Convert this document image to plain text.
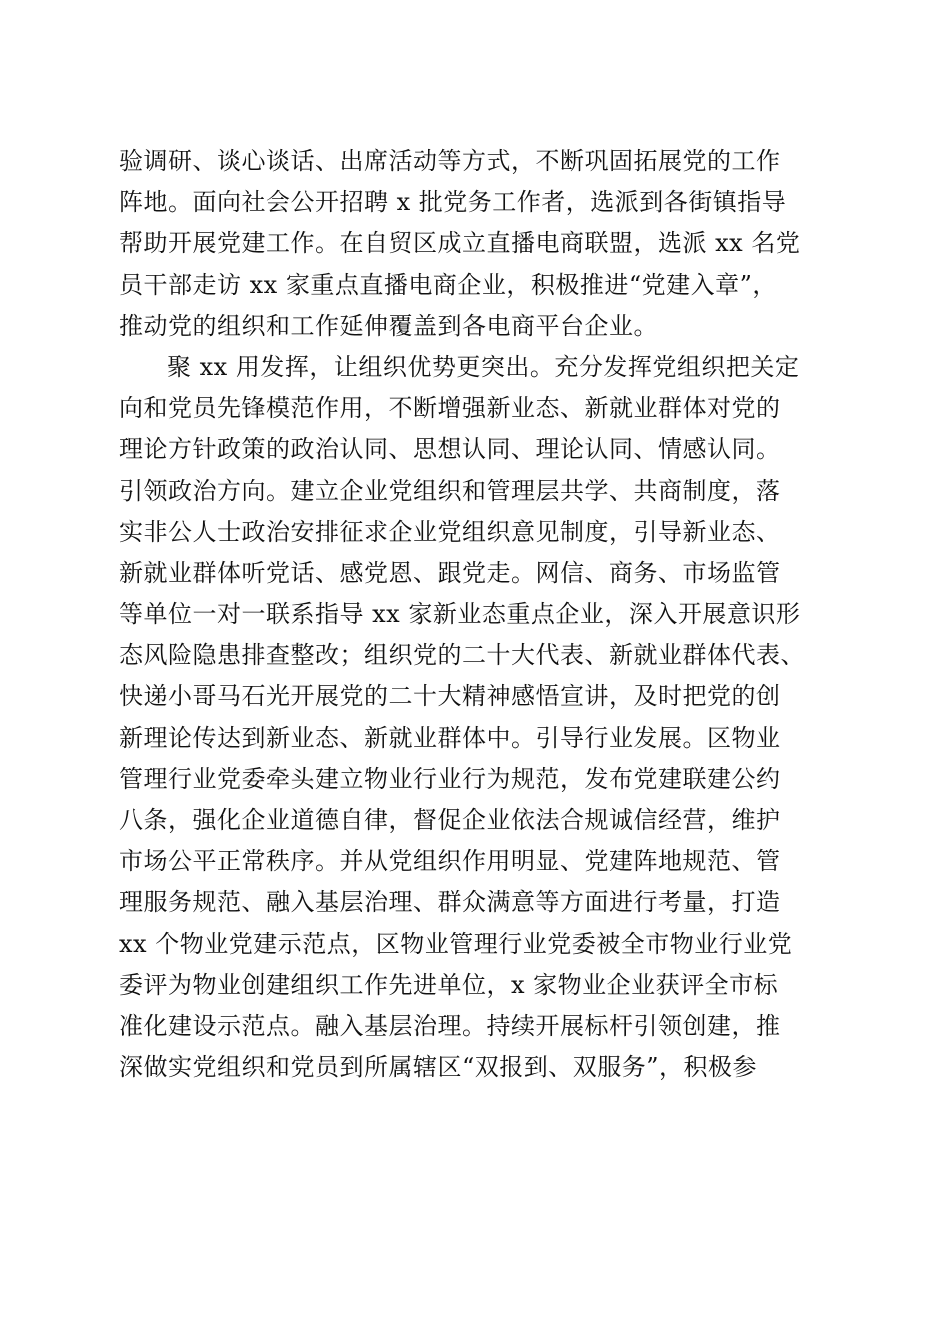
验调研、谈心谈话、出席活动等方式，不断巩固拓展党的工作
阵地。面向社会公开招聘 x 批党务工作者，选派到各街镇指导
帮助开展党建工作。在自贸区成立直播电商联盟，选派 xx 名党
员干部走访 xx 家重点直播电商企业，积极推进“党建入章”，
推动党的组织和工作延伸覆盖到各电商平台企业。
聚 xx 用发挥，让组织优势更突出。充分发挥党组织把关定
向和党员先锋模范作用，不断增强新业态、新就业群体对党的
理论方针政策的政治认同、思想认同、理论认同、情感认同。
引领政治方向。建立企业党组织和管理层共学、共商制度，落
实非公人士政治安排征求企业党组织意见制度，引导新业态、
新就业群体听党话、感党恩、跟党走。网信、商务、市场监管
等单位一对一联系指导 xx 家新业态重点企业，深入开展意识形
态风险隐患排查整改；组织党的二十大代表、新就业群体代表、
快递小哥马石光开展党的二十大精神感悟宣讲，及时把党的创
新理论传达到新业态、新就业群体中。引导行业发展。区物业
管理行业党委牵头建立物业行业行为规范，发布党建联建公约
八条，强化企业道德自律，督促企业依法合规诚信经营，维护
市场公平正常秩序。并从党组织作用明显、党建阵地规范、管
理服务规范、融入基层治理、群众满意等方面进行考量，打造
xx 个物业党建示范点，区物业管理行业党委被全市物业行业党
委评为物业创建组织工作先进单位，x 家物业企业获评全市标
准化建设示范点。融入基层治理。持续开展标杆引领创建，推
深做实党组织和党员到所属辖区“双报到、双服务”，积极参
